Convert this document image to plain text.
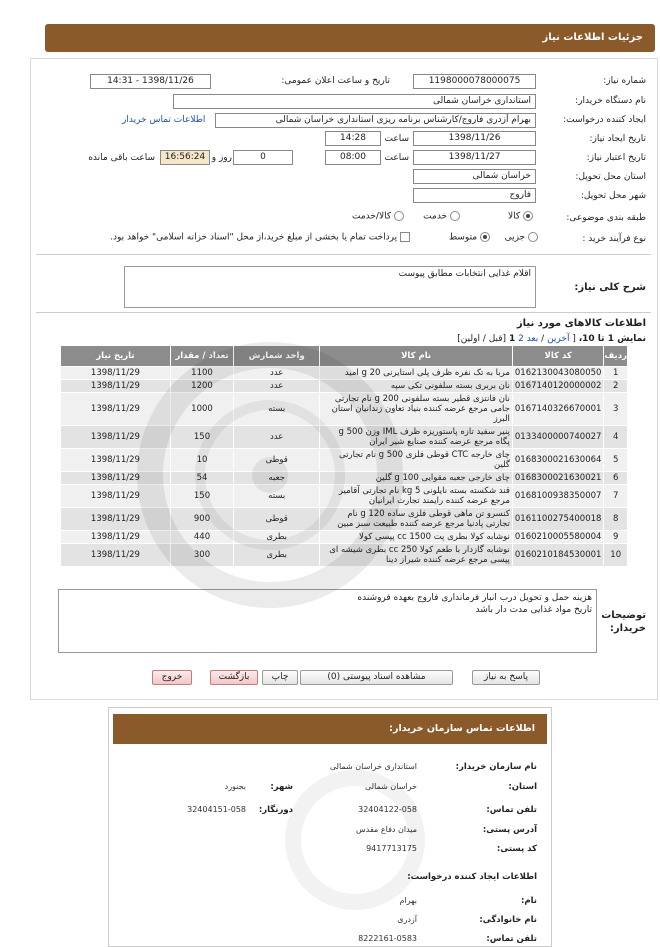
جزئیات اطلاعات نیاز
شماره نیاز:
1198000078000075
تاریخ و ساعت اعلان عمومی:
1398/11/26 - 14:31
نام دستگاه خریدار:
استانداری خراسان شمالی
ایجاد کننده درخواست:
بهرام آزدری فاروج/کارشناس برنامه ریزی استانداری خراسان شمالی
اطلاعات تماس خریدار
تاریخ ایجاد نیاز:
1398/11/26
ساعت
14:28
تاریخ اعتبار نیاز:
1398/11/27
ساعت
08:00
0
روز و
16:56:24
ساعت باقی مانده
استان محل تحویل:
خراسان شمالی
شهر محل تحویل:
فاروج
طبقه بندی موضوعی:
کالا
خدمت
کالا/خدمت
نوع فرآیند خرید :
جزیی
متوسط
پرداخت تمام یا بخشی از مبلغ خرید،از محل "اسناد خزانه اسلامی" خواهد بود.
شرح کلی نیاز:
اقلام غذایی انتخابات مطابق پیوست
اطلاعات کالاهای مورد نیاز
نمایش 1 تا 10، [ آخرین / بعد 2 1 [قبل / اولین]
ردیف	کد کالا	نام کالا	واحد شمارش	تعداد / مقدار	تاریخ نیاز
1	0162130043080050	مربا به تک نفره ظرف پلی استایرنی 20 g امید	عدد	1100	1398/11/29
2	0167140120000002	نان بربری بسته سلفونی تکی سپه	عدد	1200	1398/11/29
3	0167140326670001	نان فانتزی قطیر بسته سلفونی 200 g نام تجارتی جامی مرجع عرضه کننده بنیاد تعاون زندانیان استان البرز	بسته	1000	1398/11/29
4	0133400000740027	پنیر سفید تازه پاستوریزه ظرف IML وزن 500 g پگاه مرجع عرضه کننده صنایع شیر ایران	عدد	150	1398/11/29
5	0168300021630064	چای خارجه CTC قوطی فلزی 500 g نام تجارتی گلین	قوطی	10	1398/11/29
6	0168300021630021	چای خارجی جعبه مقوایی 100 g گلین	جعبه	54	1398/11/29
7	0168100938350007	قند شکسته بسته نایلونی 5 kg نام تجارتی آقامیر مرجع عرضه کننده رایمند تجارت ایرانیان	بسته	150	1398/11/29
8	0161100275400018	کنسرو تن ماهی قوطی فلزی ساده 120 g نام تجارتی پادنیا مرجع عرضه کننده طبیعت سبز مبین	قوطی	900	1398/11/29
9	0160210005580004	نوشابه کولا بطری پت 1500 cc پپسی کولا	بطری	440	1398/11/29
10	0160210184530001	نوشابه گازدار با طعم کولا 250 cc بطری شیشه ای پپسی مرجع عرضه کننده شیراز دینا	بطری	300	1398/11/29
توضیحات خریدار:
هزینه حمل و تحویل درب انبار فرمانداری فاروج بعهده فروشنده
تاریخ مواد غذایی مدت دار باشد
پاسخ به نیاز
مشاهده اسناد پیوستی (0)
چاپ
بازگشت
خروج
اطلاعات تماس سازمان خریدار:
نام سازمان خریدار:
استانداری خراسان شمالی
استان:
خراسان شمالی
شهر:
بجنورد
تلفن تماس:
32404122-058
دورنگار:
32404151-058
آدرس پستی:
میدان دفاع مقدس
کد پستی:
9417713175
اطلاعات ایجاد کننده درخواست:
نام:
بهرام
نام خانوادگی:
آزدری
تلفن تماس:
8222161-0583
